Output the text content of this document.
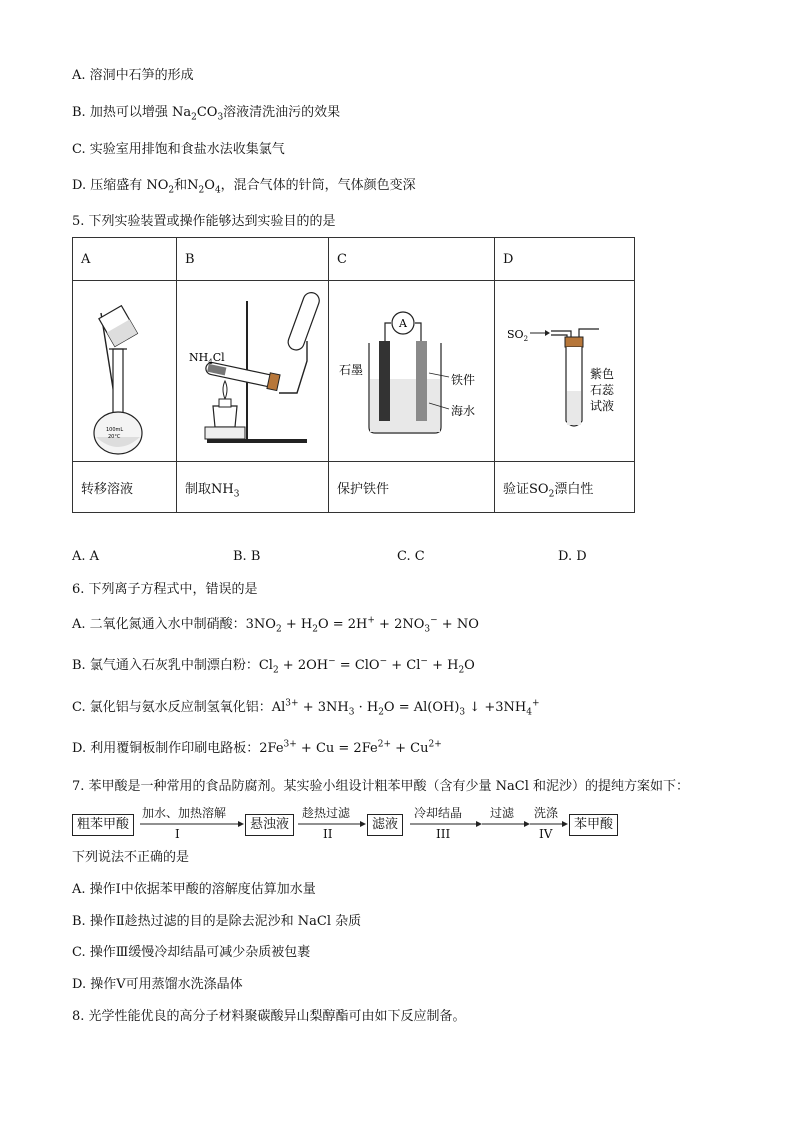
A. 溶洞中石笋的形成
B. 加热可以增强 $Na_2CO_3$溶液清洗油污的效果
C. 实验室用排饱和食盐水法收集氯气
D. 压缩盛有 $NO_2$和$N_2O_4$，混合气体的针筒，气体颜色变深
5. 下列实验装置或操作能够达到实验目的的是
A	B	C	D

100mL
20°C	$NH_4Cl$	A
石墨
铁件
海水	$SO_2$
紫色
石蕊
试液

转移溶液	制取$NH_3$	保护铁件	验证$SO_2$漂白性
A. A	B. B	C. C	D. D
6. 下列离子方程式中，错误的是
A. 二氧化氮通入水中制硝酸：$3NO_2 + H_2O = 2H^+ + 2NO_3^-$ + NO
B. 氯气通入石灰乳中制漂白粉：$Cl_2 + 2OH^- = ClO^- + Cl^- + H_2O$
C. 氯化铝与氨水反应制氢氧化铝：$Al^{3+} + 3NH_3 \cdot H_2O = Al(OH)_3$ ↓ $+3NH_4^+$
D. 利用覆铜板制作印刷电路板：$2Fe^{3+} + Cu = 2Fe^{2+} + Cu^{2+}$
7. 苯甲酸是一种常用的食品防腐剂。某实验小组设计粗苯甲酸（含有少量 NaCl 和泥沙）的提纯方案如下：
粗苯甲酸	悬浊液	滤液	苯甲酸
加水、加热溶解	趁热过滤	冷却结晶 过滤 洗涤
I	II	III	IV
下列说法不正确的是
A. 操作Ⅰ中依据苯甲酸的溶解度估算加水量
B. 操作Ⅱ趁热过滤的目的是除去泥沙和 NaCl 杂质
C. 操作Ⅲ缓慢冷却结晶可减少杂质被包裹
D. 操作Ⅴ可用蒸馏水洗涤晶体
8. 光学性能优良的高分子材料聚碳酸异山梨醇酯可由如下反应制备。
